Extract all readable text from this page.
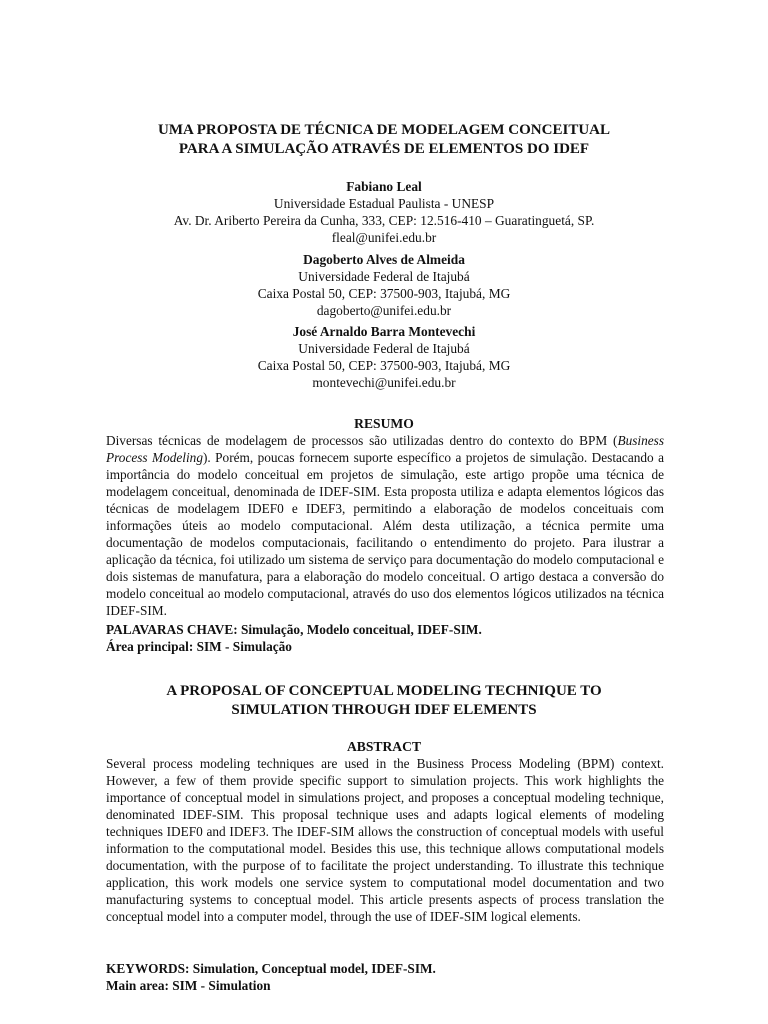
UMA PROPOSTA DE TÉCNICA DE MODELAGEM CONCEITUAL
PARA A SIMULAÇÃO ATRAVÉS DE ELEMENTOS DO IDEF
Fabiano Leal
Universidade Estadual Paulista - UNESP
Av. Dr. Ariberto Pereira da Cunha, 333, CEP: 12.516-410 – Guaratinguetá, SP.
fleal@unifei.edu.br
Dagoberto Alves de Almeida
Universidade Federal de Itajubá
Caixa Postal 50, CEP: 37500-903, Itajubá, MG
dagoberto@unifei.edu.br
José Arnaldo Barra Montevechi
Universidade Federal de Itajubá
Caixa Postal 50, CEP: 37500-903, Itajubá, MG
montevechi@unifei.edu.br
RESUMO

Diversas técnicas de modelagem de processos são utilizadas dentro do contexto do BPM (Business Process Modeling). Porém, poucas fornecem suporte específico a projetos de simulação. Destacando a importância do modelo conceitual em projetos de simulação, este artigo propõe uma técnica de modelagem conceitual, denominada de IDEF-SIM. Esta proposta utiliza e adapta elementos lógicos das técnicas de modelagem IDEF0 e IDEF3, permitindo a elaboração de modelos conceituais com informações úteis ao modelo computacional. Além desta utilização, a técnica permite uma documentação de modelos computacionais, facilitando o entendimento do projeto. Para ilustrar a aplicação da técnica, foi utilizado um sistema de serviço para documentação do modelo computacional e dois sistemas de manufatura, para a elaboração do modelo conceitual. O artigo destaca a conversão do modelo conceitual ao modelo computacional, através do uso dos elementos lógicos utilizados na técnica IDEF-SIM.

PALAVARAS CHAVE: Simulação, Modelo conceitual, IDEF-SIM.
Área principal: SIM - Simulação
A PROPOSAL OF CONCEPTUAL MODELING TECHNIQUE TO
SIMULATION THROUGH IDEF ELEMENTS
ABSTRACT

Several process modeling techniques are used in the Business Process Modeling (BPM) context. However, a few of them provide specific support to simulation projects. This work highlights the importance of conceptual model in simulations project, and proposes a conceptual modeling technique, denominated IDEF-SIM. This proposal technique uses and adapts logical elements of modeling techniques IDEF0 and IDEF3. The IDEF-SIM allows the construction of conceptual models with useful information to the computational model. Besides this use, this technique allows computational models documentation, with the purpose of to facilitate the project understanding. To illustrate this technique application, this work models one service system to computational model documentation and two manufacturing systems to conceptual model. This article presents aspects of process translation the conceptual model into a computer model, through the use of IDEF-SIM logical elements.

KEYWORDS: Simulation, Conceptual model, IDEF-SIM.
Main area: SIM - Simulation
